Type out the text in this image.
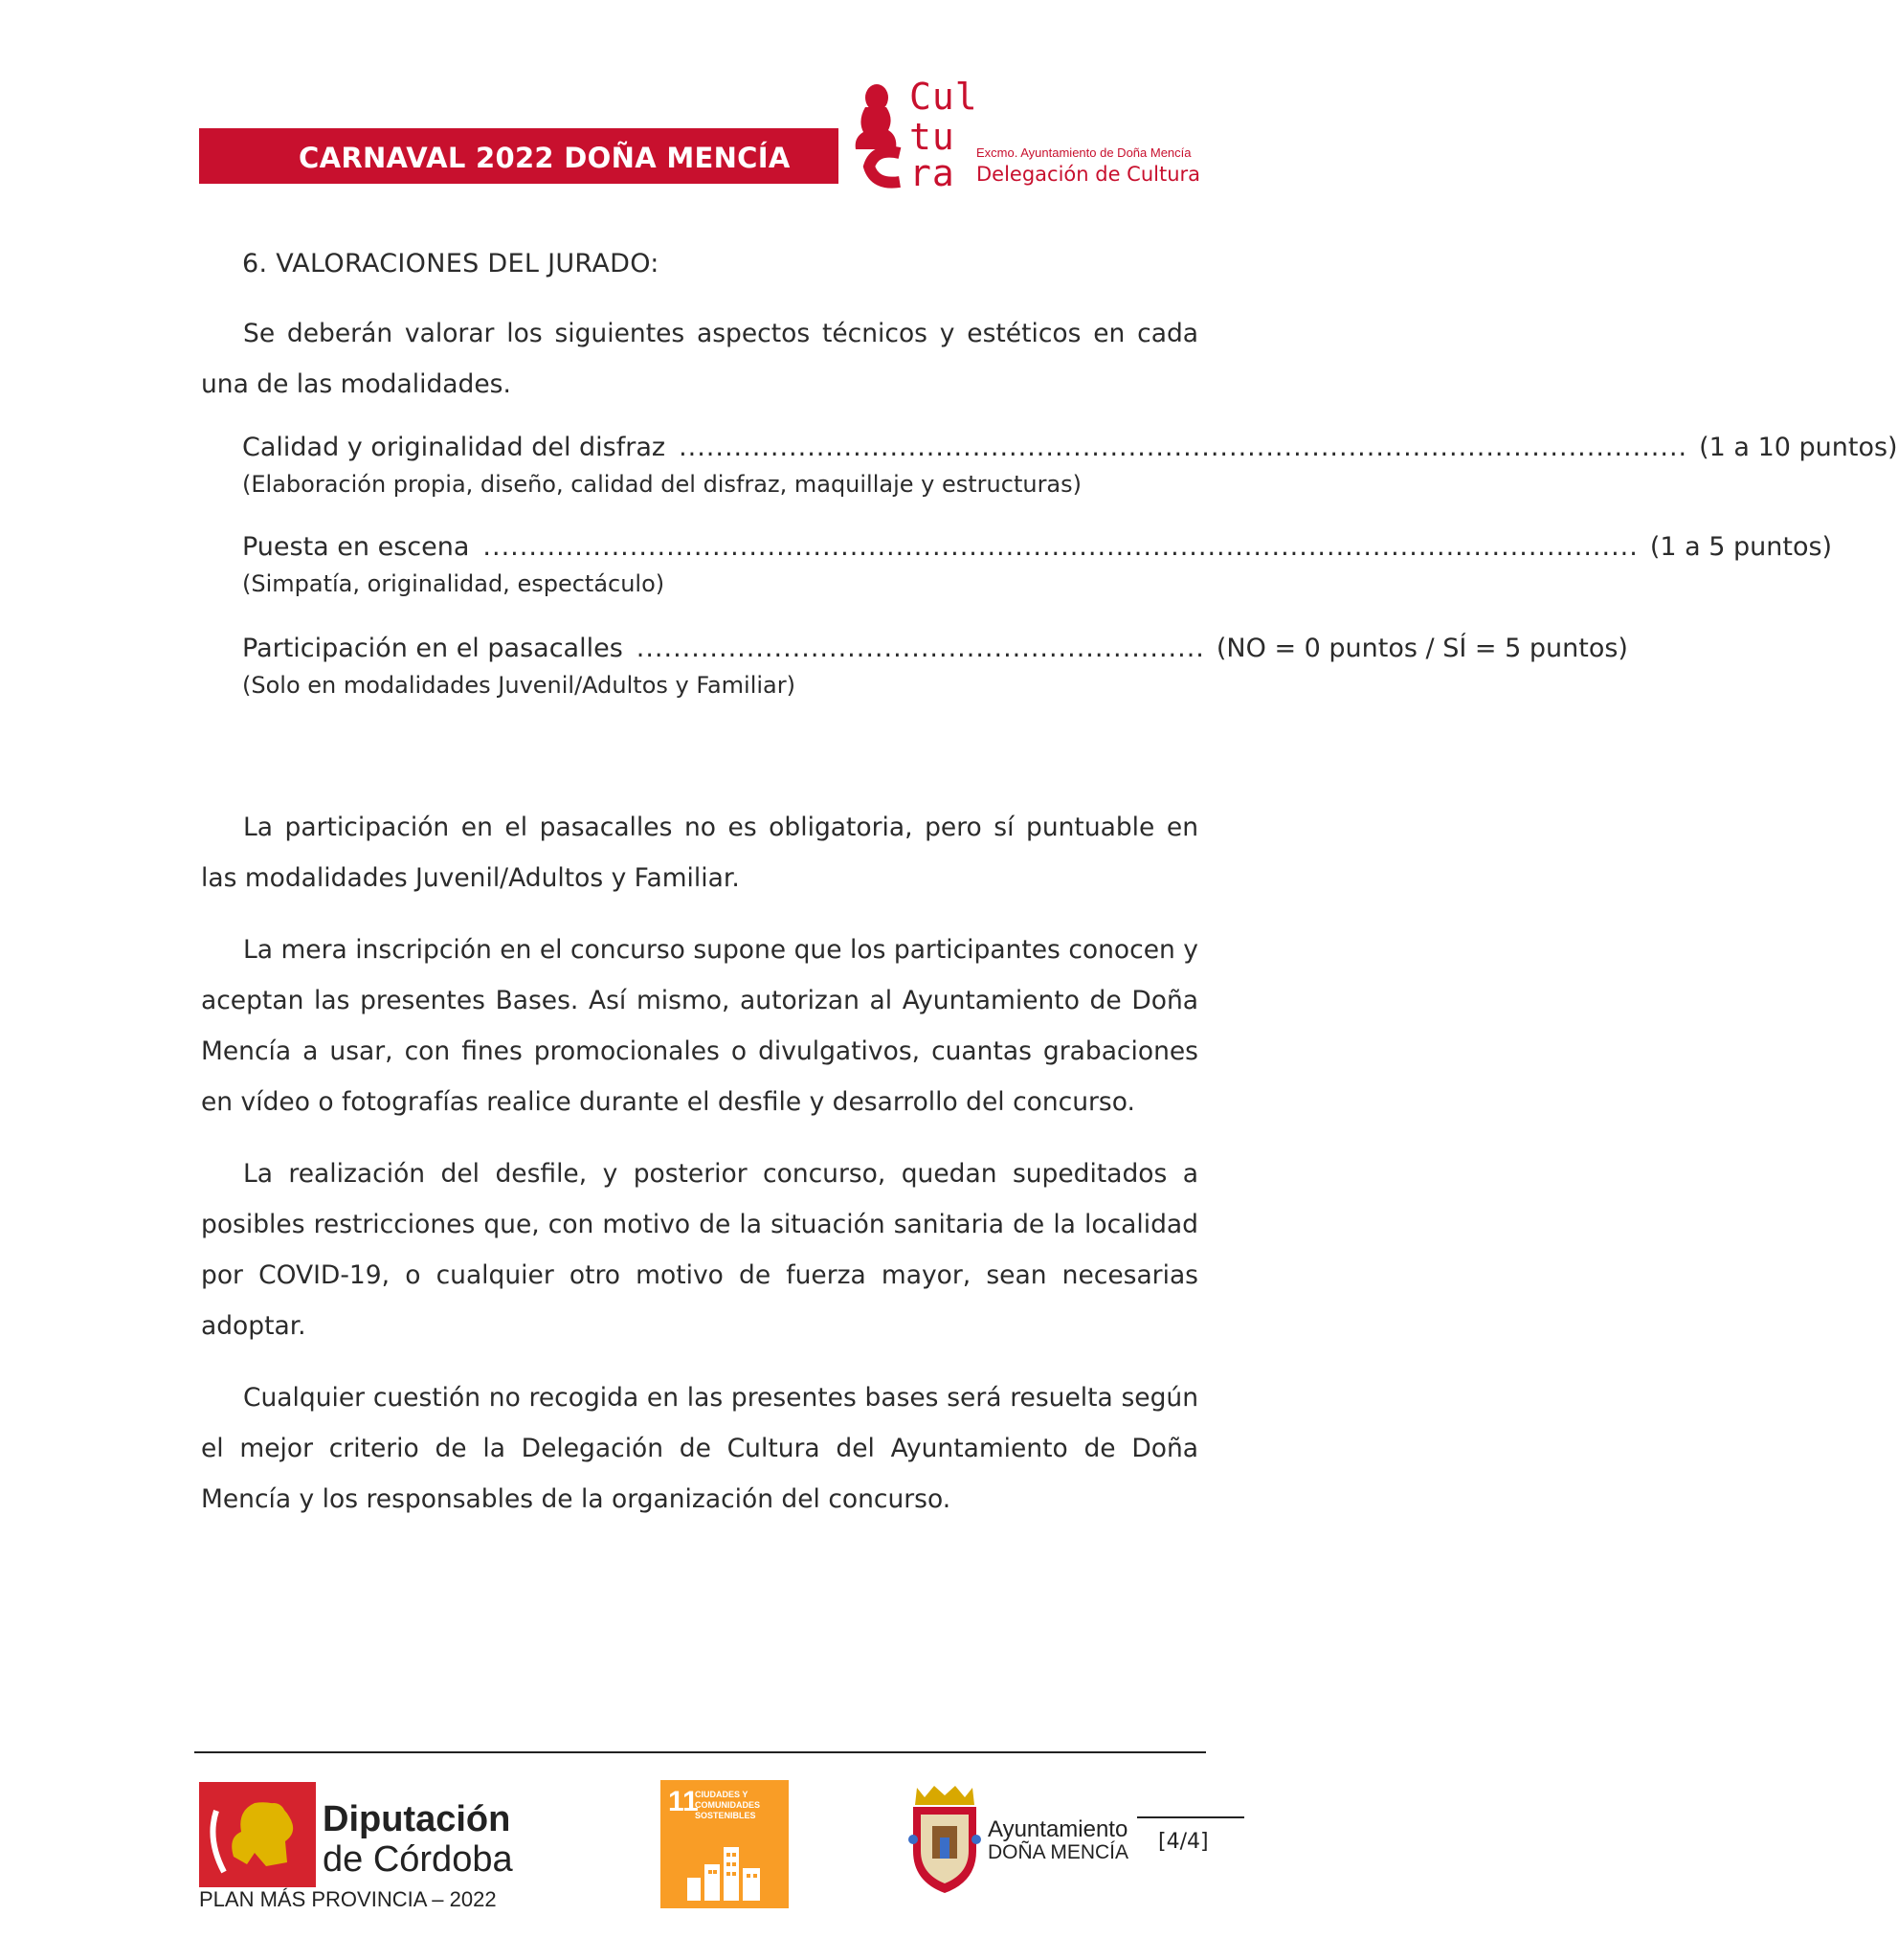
CARNAVAL 2022 DOÑA MENCÍA
Cul
tu
ra Excmo. Ayuntamiento de Doña Mencía
Delegación de Cultura
6. VALORACIONES DEL JURADO:

Se deberán valorar los siguientes aspectos técnicos y estéticos en cada una de las modalidades.

Calidad y originalidad del disfraz .............................................................................................................. (1 a 10 puntos)
(Elaboración propia, diseño, calidad del disfraz, maquillaje y estructuras)
Puesta en escena .............................................................................................................................. (1 a 5 puntos)
(Simpatía, originalidad, espectáculo)
Participación en el pasacalles .............................................................. (NO = 0 puntos / SÍ = 5 puntos)
(Solo en modalidades Juvenil/Adultos y Familiar)

La participación en el pasacalles no es obligatoria, pero sí puntuable en las modalidades Juvenil/Adultos y Familiar.

La mera inscripción en el concurso supone que los participantes conocen y aceptan las presentes Bases. Así mismo, autorizan al Ayuntamiento de Doña Mencía a usar, con fines promocionales o divulgativos, cuantas grabaciones en vídeo o fotografías realice durante el desfile y desarrollo del concurso.

La realización del desfile, y posterior concurso, quedan supeditados a posibles restricciones que, con motivo de la situación sanitaria de la localidad por COVID-19, o cualquier otro motivo de fuerza mayor, sean necesarias adoptar.

Cualquier cuestión no recogida en las presentes bases será resuelta según el mejor criterio de la Delegación de Cultura del Ayuntamiento de Doña Mencía y los responsables de la organización del concurso.

Diputación
de Córdoba
PLAN MÁS PROVINCIA – 2022
11
CIUDADES Y COMUNIDADES SOSTENIBLES
Ayuntamiento
DOÑA MENCÍA [4/4]
